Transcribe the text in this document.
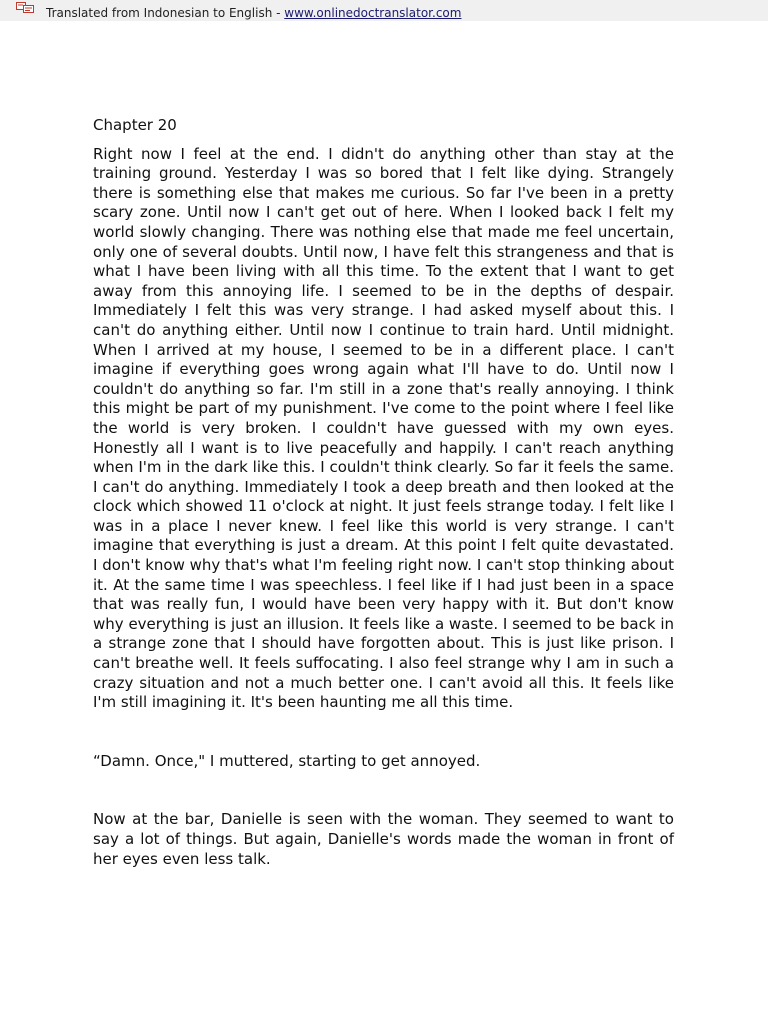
Translated from Indonesian to English - www.onlinedoctranslator.com

Chapter 20

Right now I feel at the end. I didn't do anything other than stay at the training ground. Yesterday I was so bored that I felt like dying. Strangely there is something else that makes me curious. So far I've been in a pretty scary zone. Until now I can't get out of here. When I looked back I felt my world slowly changing. There was nothing else that made me feel uncertain, only one of several doubts. Until now, I have felt this strangeness and that is what I have been living with all this time. To the extent that I want to get away from this annoying life. I seemed to be in the depths of despair. Immediately I felt this was very strange. I had asked myself about this. I can't do anything either. Until now I continue to train hard. Until midnight. When I arrived at my house, I seemed to be in a different place. I can't imagine if everything goes wrong again what I'll have to do. Until now I couldn't do anything so far. I'm still in a zone that's really annoying. I think this might be part of my punishment. I've come to the point where I feel like the world is very broken. I couldn't have guessed with my own eyes. Honestly all I want is to live peacefully and happily. I can't reach anything when I'm in the dark like this. I couldn't think clearly. So far it feels the same. I can't do anything. Immediately I took a deep breath and then looked at the clock which showed 11 o'clock at night. It just feels strange today. I felt like I was in a place I never knew. I feel like this world is very strange. I can't imagine that everything is just a dream. At this point I felt quite devastated. I don't know why that's what I'm feeling right now. I can't stop thinking about it. At the same time I was speechless. I feel like if I had just been in a space that was really fun, I would have been very happy with it. But don't know why everything is just an illusion. It feels like a waste. I seemed to be back in a strange zone that I should have forgotten about. This is just like prison. I can't breathe well. It feels suffocating. I also feel strange why I am in such a crazy situation and not a much better one. I can't avoid all this. It feels like I'm still imagining it. It's been haunting me all this time.

“Damn. Once," I muttered, starting to get annoyed.

Now at the bar, Danielle is seen with the woman. They seemed to want to say a lot of things. But again, Danielle's words made the woman in front of her eyes even less talk.
